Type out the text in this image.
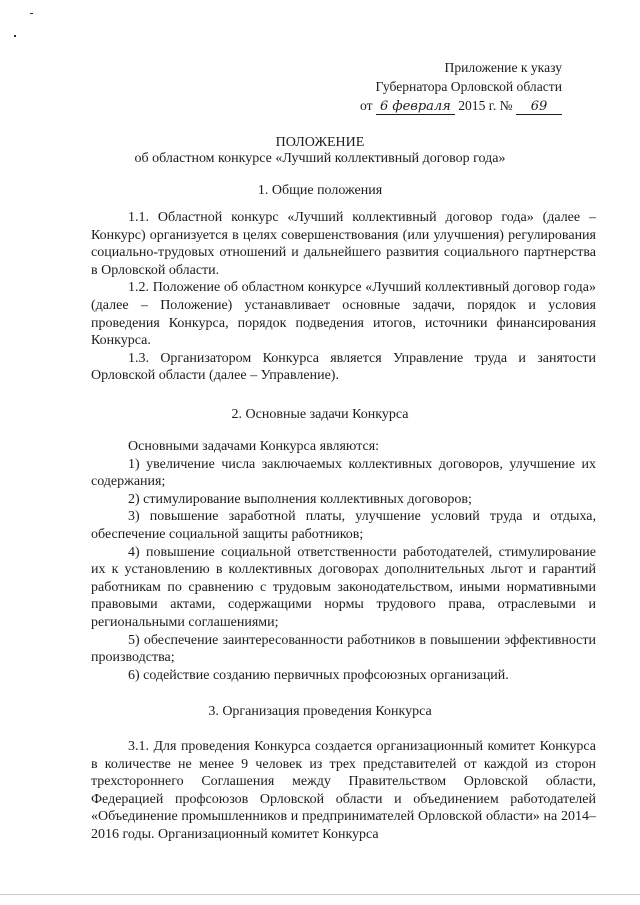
Приложение к указу
Губернатора Орловской области
от 6 февраля 2015 г. № 69
ПОЛОЖЕНИЕ
об областном конкурсе «Лучший коллективный договор года»
1. Общие положения

1.1. Областной конкурс «Лучший коллективный договор года» (далее – Конкурс) организуется в целях совершенствования (или улучшения) регулирования социально-трудовых отношений и дальнейшего развития социального партнерства в Орловской области.

1.2. Положение об областном конкурсе «Лучший коллективный договор года» (далее – Положение) устанавливает основные задачи, порядок и условия проведения Конкурса, порядок подведения итогов, источники финансирования Конкурса.

1.3. Организатором Конкурса является Управление труда и занятости Орловской области (далее – Управление).

2. Основные задачи Конкурса

Основными задачами Конкурса являются:

1) увеличение числа заключаемых коллективных договоров, улучшение их содержания;

2) стимулирование выполнения коллективных договоров;

3) повышение заработной платы, улучшение условий труда и отдыха, обеспечение социальной защиты работников;

4) повышение социальной ответственности работодателей, стимулирование их к установлению в коллективных договорах дополнительных льгот и гарантий работникам по сравнению с трудовым законодательством, иными нормативными правовыми актами, содержащими нормы трудового права, отраслевыми и региональными соглашениями;

5) обеспечение заинтересованности работников в повышении эффективности производства;

6) содействие созданию первичных профсоюзных организаций.

3. Организация проведения Конкурса

3.1. Для проведения Конкурса создается организационный комитет Конкурса в количестве не менее 9 человек из трех представителей от каждой из сторон трехстороннего Соглашения между Правительством Орловской области, Федерацией профсоюзов Орловской области и объединением работодателей «Объединение промышленников и предпринимателей Орловской области» на 2014–2016 годы. Организационный комитет Конкурса
